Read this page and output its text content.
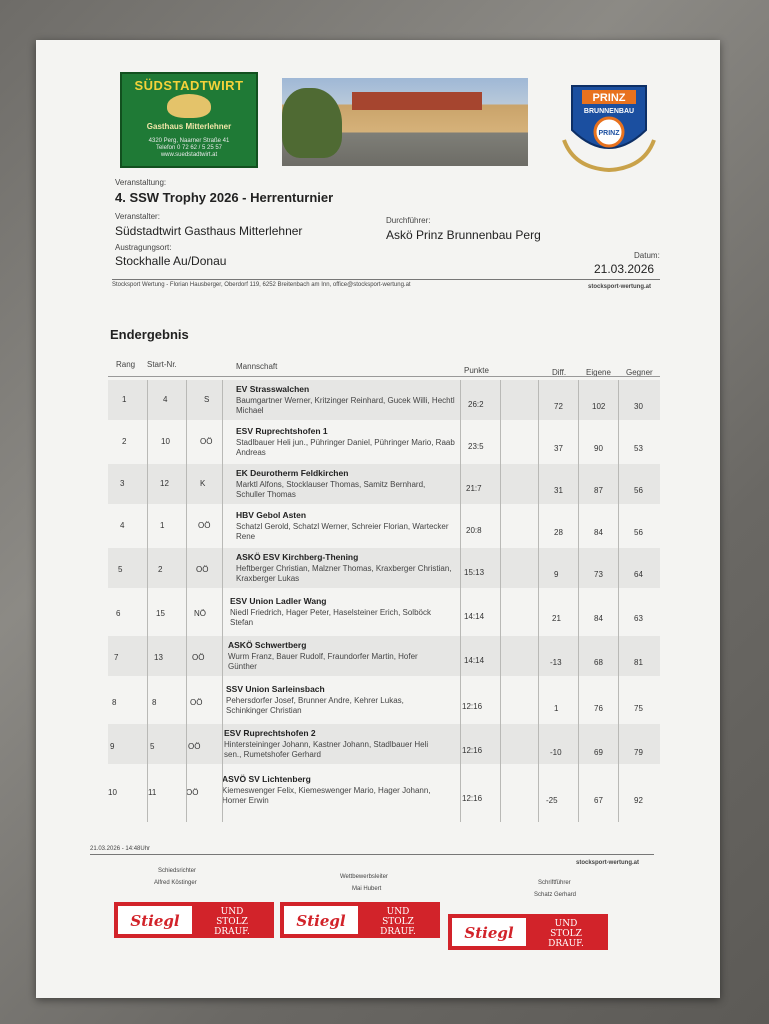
SÜDSTADTWIRT
Gasthaus Mitterlehner
4320 Perg, Naarner Straße 41
Telefon 0 72 62 / 5 25 57
www.suedstadtwirt.at
PRINZ
BRUNNENBAU
PRINZ
Veranstaltung:
4. SSW Trophy 2026 - Herrenturnier
Veranstalter:
Südstadtwirt Gasthaus Mitterlehner
Durchführer:
Askö Prinz Brunnenbau Perg
Austragungsort:
Stockhalle Au/Donau	Datum:
21.03.2026
Stocksport Wertung - Florian Hausberger, Oberdorf 119, 6252 Breitenbach am Inn, office@stocksport-wertung.at	stocksport-wertung.at
Endergebnis
Rang Start-Nr.	Mannschaft	Punkte	Diff. Eigene Gegner
1	4	S
EV Strasswalchen
Baumgartner Werner, Kritzinger Reinhard, Gucek Willi, Hechtl Michael
26:2	72	102	30
2	10	OÖ
ESV Ruprechtshofen 1
Stadlbauer Heli jun., Pühringer Daniel, Pühringer Mario, Raab Andreas
23:5	37	90	53
3	12	K
EK Deurotherm Feldkirchen
Marktl Alfons, Stocklauser Thomas, Samitz Bernhard, Schuller Thomas
21:7	31	87	56
4	1	OÖ
HBV Gebol Asten
Schatzl Gerold, Schatzl Werner, Schreier Florian, Wartecker Rene
20:8	28	84	56
5	2	OÖ
ASKÖ ESV Kirchberg-Thening
Heftberger Christian, Malzner Thomas, Kraxberger Christian, Kraxberger Lukas
15:13	9	73	64
6	15	NÖ
ESV Union Ladler Wang
Niedl Friedrich, Hager Peter, Haselsteiner Erich, Solböck Stefan
14:14	21	84	63
7	13	OÖ
ASKÖ Schwertberg
Wurm Franz, Bauer Rudolf, Fraundorfer Martin, Hofer Günther
14:14	-13	68	81
8	8	OÖ
SSV Union Sarleinsbach
Pehersdorfer Josef, Brunner Andre, Kehrer Lukas, Schinkinger Christian	12:16	1	76	75
9	5	OÖ
ESV Ruprechtshofen 2
Hintersteininger Johann, Kastner Johann, Stadlbauer Heli sen., Rumetshofer Gerhard	12:16	-10	69	79
10	11	OÖ
ASVÖ SV Lichtenberg
Kiemeswenger Felix, Kiemeswenger Mario, Hager Johann, Horner Erwin	12:16	-25	67	92
21.03.2026 - 14:48Uhr
stocksport-wertung.at
Schiedsrichter
Alfred Köstinger
Wettbewerbsleiter
Mai Hubert
Schriftführer
Schatz Gerhard
Stiegl	UND
STOLZ
DRAUF.
Stiegl	UND
STOLZ
DRAUF.	Stiegl	UND
STOLZ
DRAUF.
